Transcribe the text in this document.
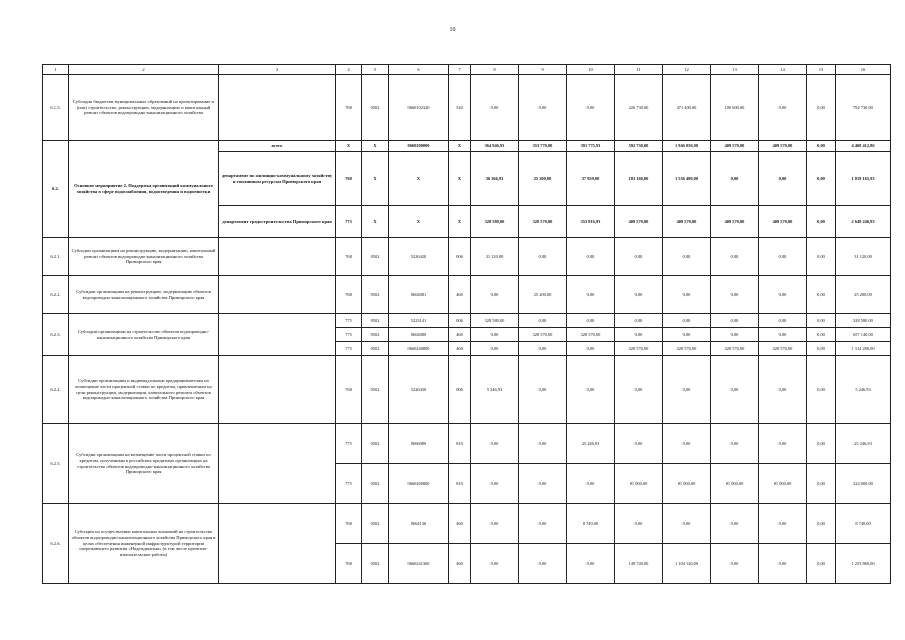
10
1	2	3	4	5	6	7	8	9	10	11	12	13	14	15	16
6.1.3.	Субсидии бюджетам муниципальных образований на проектирование и (или) строительство, реконструкцию, модернизацию и капитальный ремонт объектов водопроводно-канализационного хозяйства		768	0502	0660192320	520	0,00	0,00	0,00	226 730,00	471 400,00	100 600,00	0,00	0,00	792 730,00
6.2.	Основное мероприятие 2. Поддержка организаций коммунального хозяйства в сфере водоснабжения, водоотведения и водоочистки	всего	X	X	0660200000	X	364 946,93	353 770,00	391 775,93	592 730,00	1 946 050,00	409 570,00	409 570,00	0,00	4 468 412,86
		департамент по жилищно-коммунальному хозяйству и топливным ресурсам Приморского края	768	X	X	X	36 366,93	25 200,00	37 959,00	183 160,00	1 536 480,00	0,00	0,00	0,00	1 819 165,93
		департамент градостроительства Приморского края	775	X	X	X	328 580,00	328 570,00	353 816,93	409 570,00	409 570,00	409 570,00	409 570,00	0,00	2 649 246,93
6.2.1.	Субсидии организациям на реконструкцию, модернизацию, капитальный ремонт объектов водопроводно-канализационного хозяйства Приморского края		768	0502	5226420	006	31 120,00	0,00	0,00	0,00	0,00	0,00	0,00	0,00	31 120,00
6.2.2.	Субсидии организациям на реконструкцию, модернизацию объектов водопроводно-канализационного хозяйства Приморского края		768	0502	0664081	460	0,00	25 200,00	0,00	0,00	0,00	0,00	0,00	0,00	25 200,00
6.2.3.	Субсидии организациям на строительство объектов водопроводно-канализационного хозяйства Приморского края		775	0502	5223141	006	328 580,00	0,00	0,00	0,00	0,00	0,00	0,00	0,00	328 580,00
			775	0502	0664080	460	0,00	328 570,00	328 570,00	0,00	0,00	0,00	0,00	0,00	657 140,00
			775	0502	0660240800	460	0,00	0,00	0,00	328 570,00	328 570,00	328 570,00	328 570,00	0,00	1 314 280,00
6.2.4.	Субсидии организациям и индивидуальным предпринимателям на возмещение части процентной ставки по кредитам, привлекаемым на цели реконструкции, модернизации, капитального ремонта объектов водопроводно-канализационного хозяйства Приморского края		768	0502	5226430	006	5 246,93	0,00	0,00	0,00	0,00	0,00	0,00	0,00	5 246,93
6.2.5.	Субсидии организациям на возмещение части процентной ставки по кредитам, полученным в российских кредитных организациях на строительство объектов водопроводно-канализационного хозяйства Приморского края		775	0502	0666080	810	0,00	0,00	25 246,93	0,00	0,00	0,00	0,00	0,00	25 246,93
			775	0502	0660260800	810	0,00	0,00	0,00	81 000,00	81 000,00	81 000,00	81 000,00	0,00	324 000,00
6.2.6.	Субсидии на осуществление капитальных вложений на строительство объектов водопроводно-канализационного хозяйства Приморского края в целях обеспечения инженерной инфраструктурой территории опережающего развития «Надеждинская» (в том числе проектно-изыскательские работы)		768	0502	0664136	460	0,00	0,00	8 740,00	0,00	0,00	0,00	0,00	0,00	8 740,00
			768	0502	0660241360	460	0,00	0,00	0,00	149 740,00	1 104 120,00	0,00	0,00	0,00	1 253 860,00
